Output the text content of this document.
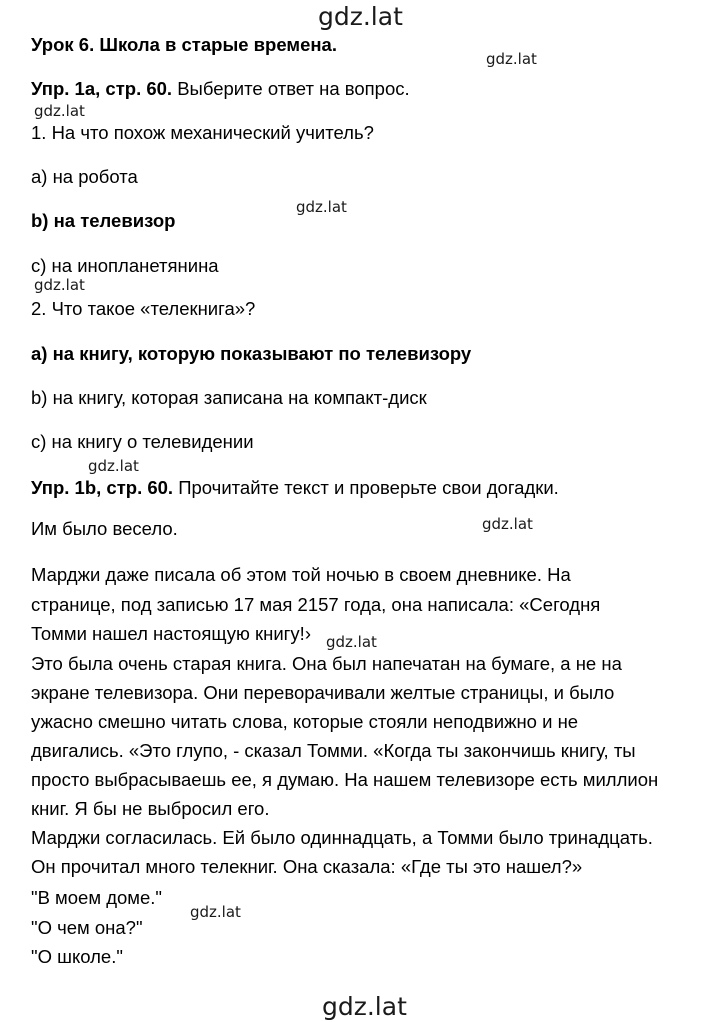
gdz.lat
gdz.lat
gdz.lat
gdz.lat
gdz.lat
gdz.lat
gdz.lat
gdz.lat
gdz.lat
gdz.lat
Урок 6. Школа в старые времена.
Упр. 1а, стр. 60. Выберите ответ на вопрос.
1. На что похож механический учитель?
а) на робота
b) на телевизор
с) на инопланетянина
2. Что такое «телекнига»?
а) на книгу, которую показывают по телевизору
b) на книгу, которая записана на компакт-диск
с) на книгу о телевидении
Упр. 1b, стр. 60. Прочитайте текст и проверьте свои догадки.
Им было весело.
Марджи даже писала об этом той ночью в своем дневнике. На
странице, под записью 17 мая 2157 года, она написала: «Сегодня
Томми нашел настоящую книгу!›
Это была очень старая книга. Она был напечатан на бумаге, а не на
экране телевизора. Они переворачивали желтые страницы, и было
ужасно смешно читать слова, которые стояли неподвижно и не
двигались. «Это глупо, - сказал Томми. «Когда ты закончишь книгу, ты
просто выбрасываешь ее, я думаю. На нашем телевизоре есть миллион
книг. Я бы не выбросил его.
Марджи согласилась. Ей было одиннадцать, а Томми было тринадцать.
Он прочитал много телекниг. Она сказала: «Где ты это нашел?»
"В моем доме."
"О чем она?"
"О школе."
